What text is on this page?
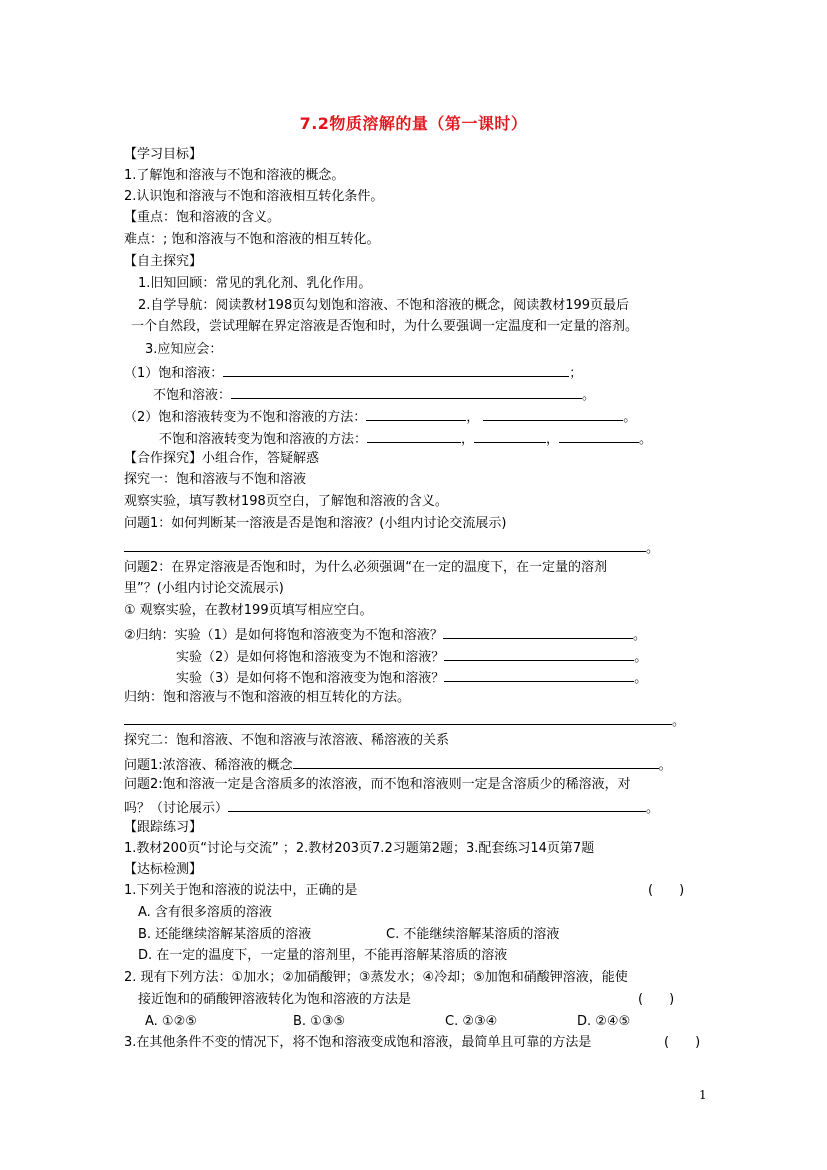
7.2物质溶解的量（第一课时）
【学习目标】
1.了解饱和溶液与不饱和溶液的概念。
2.认识饱和溶液与不饱和溶液相互转化条件。
【重点：饱和溶液的含义。
难点：; 饱和溶液与不饱和溶液的相互转化。
【自主探究】
1.旧知回顾：常见的乳化剂、乳化作用。
2.自学导航：阅读教材198页勾划饱和溶液、不饱和溶液的概念，阅读教材199页最后
一个自然段，尝试理解在界定溶液是否饱和时，为什么要强调一定温度和一定量的溶剂。
3.应知应会：
（1）饱和溶液：	；
不饱和溶液：	。
（2）饱和溶液转变为不饱和溶液的方法：	，	。
不饱和溶液转变为饱和溶液的方法：	，	，	。
【合作探究】小组合作，答疑解惑
探究一：饱和溶液与不饱和溶液
观察实验，填写教材198页空白，了解饱和溶液的含义。
问题1：如何判断某一溶液是否是饱和溶液？(小组内讨论交流展示)
。
问题2：在界定溶液是否饱和时，为什么必须强调“在一定的温度下，在一定量的溶剂
里”？(小组内讨论交流展示)
① 观察实验，在教材199页填写相应空白。
②归纳：实验（1）是如何将饱和溶液变为不饱和溶液？	。
实验（2）是如何将饱和溶液变为不饱和溶液？	。
实验（3）是如何将不饱和溶液变为饱和溶液？	。
归纳：饱和溶液与不饱和溶液的相互转化的方法。
。
探究二：饱和溶液、不饱和溶液与浓溶液、稀溶液的关系
问题1:浓溶液、稀溶液的概念	。
问题2:饱和溶液一定是含溶质多的浓溶液，而不饱和溶液则一定是含溶质少的稀溶液，对
吗？（讨论展示）	。
【跟踪练习】
1.教材200页“讨论与交流” ；2.教材203页7.2习题第2题；3.配套练习14页第7题
【达标检测】
1.下列关于饱和溶液的说法中，正确的是	(　　)
A. 含有很多溶质的溶液
B. 还能继续溶解某溶质的溶液	C. 不能继续溶解某溶质的溶液
D. 在一定的温度下，一定量的溶剂里，不能再溶解某溶质的溶液
2. 现有下列方法：①加水；②加硝酸钾；③蒸发水；④冷却；⑤加饱和硝酸钾溶液，能使
接近饱和的硝酸钾溶液转化为饱和溶液的方法是	(　　)
A. ①②⑤	B. ①③⑤	C. ②③④	D. ②④⑤
3.在其他条件不变的情况下，将不饱和溶液变成饱和溶液，最简单且可靠的方法是	(　　)
1
